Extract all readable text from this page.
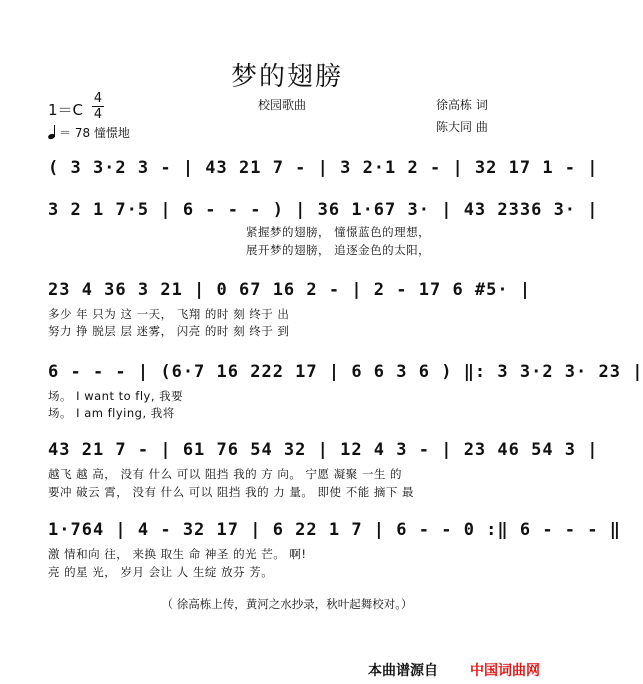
梦的翅膀
校园歌曲	徐高栋 词
陈大同 曲
1＝C
4
4
＝ 78 憧憬地
( 3 3·2 3 - | 43 21 7 - | 3 2·1 2 - | 32 17 1 - |
3 2 1 7·5 | 6 - - - ) | 36 1·67 3· | 43 2336 3· |
紧握梦的翅膀， 憧憬蓝色的理想，
展开梦的翅膀， 追逐金色的太阳，
23 4 36 3 21 | 0 67 16 2 - | 2 - 17 6 #5· |
多少 年 只为 这 一天， 飞翔 的时 刻 终于 出
努力 挣 脱层 层 迷雾， 闪亮 的时 刻 终于 到
6 - - - | (6·7 16 222 17 | 6 6 3 6 ) ‖: 3 3·2 3· 23 |
场。 I want to fly, 我要
场。 I am flying, 我将
43 21 7 - | 61 76 54 32 | 12 4 3 - | 23 46 54 3 |
越飞 越 高， 没有 什么 可以 阻挡 我的 方 向。 宁愿 凝聚 一生 的
要冲 破云 霄， 没有 什么 可以 阻挡 我的 力 量。 即使 不能 摘下 最
1·764 | 4 - 32 17 | 6 22 1 7 | 6 - - 0 :‖ 6 - - - ‖
激 情和向 往， 来换 取生 命 神圣 的光 芒。 啊!
亮 的星 光， 岁月 会让 人 生绽 放芬 芳。
（ 徐高栋上传，黄河之水抄录，秋叶起舞校对。）
本曲谱源自 中国词曲网
